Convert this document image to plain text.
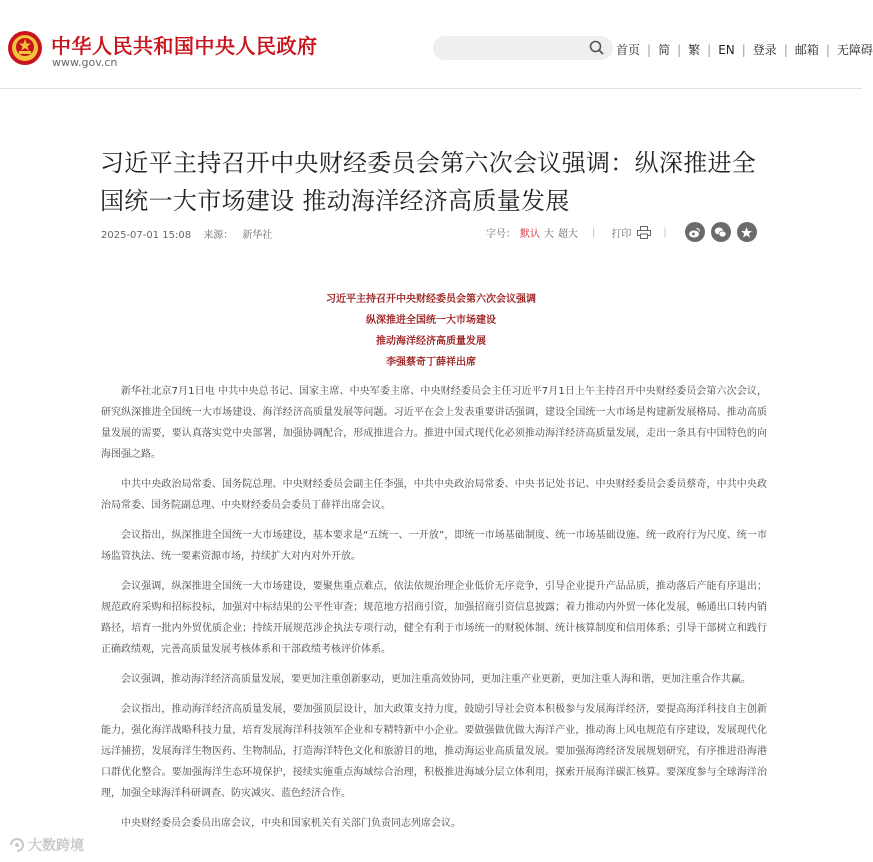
中华人民共和国中央人民政府
www.gov.cn
首页 | 简 | 繁 | EN | 登录 | 邮箱 | 无障碍
习近平主持召开中央财经委员会第六次会议强调：纵深推进全国统一大市场建设 推动海洋经济高质量发展
2025-07-01 15:08 来源： 新华社	字号： 默认 大 超大 | 打印	|
习近平主持召开中央财经委员会第六次会议强调
纵深推进全国统一大市场建设
推动海洋经济高质量发展
李强蔡奇丁薛祥出席

新华社北京7月1日电 中共中央总书记、国家主席、中央军委主席、中央财经委员会主任习近平7月1日上午主持召开中央财经委员会第六次会议，研究纵深推进全国统一大市场建设、海洋经济高质量发展等问题。习近平在会上发表重要讲话强调，建设全国统一大市场是构建新发展格局、推动高质量发展的需要，要认真落实党中央部署，加强协调配合，形成推进合力。推进中国式现代化必须推动海洋经济高质量发展，走出一条具有中国特色的向海图强之路。

中共中央政治局常委、国务院总理、中央财经委员会副主任李强，中共中央政治局常委、中央书记处书记、中央财经委员会委员蔡奇，中共中央政治局常委、国务院副总理、中央财经委员会委员丁薛祥出席会议。

会议指出，纵深推进全国统一大市场建设，基本要求是“五统一、一开放”，即统一市场基础制度、统一市场基础设施、统一政府行为尺度、统一市场监管执法、统一要素资源市场，持续扩大对内对外开放。

会议强调，纵深推进全国统一大市场建设，要聚焦重点难点，依法依规治理企业低价无序竞争，引导企业提升产品品质，推动落后产能有序退出；规范政府采购和招标投标，加强对中标结果的公平性审查；规范地方招商引资，加强招商引资信息披露；着力推动内外贸一体化发展，畅通出口转内销路径，培育一批内外贸优质企业；持续开展规范涉企执法专项行动，健全有利于市场统一的财税体制、统计核算制度和信用体系；引导干部树立和践行正确政绩观，完善高质量发展考核体系和干部政绩考核评价体系。

会议强调，推动海洋经济高质量发展，要更加注重创新驱动，更加注重高效协同，更加注重产业更新，更加注重人海和谐，更加注重合作共赢。

会议指出，推动海洋经济高质量发展，要加强顶层设计，加大政策支持力度，鼓励引导社会资本积极参与发展海洋经济，要提高海洋科技自主创新能力，强化海洋战略科技力量，培育发展海洋科技领军企业和专精特新中小企业。要做强做优做大海洋产业，推动海上风电规范有序建设，发展现代化远洋捕捞，发展海洋生物医药、生物制品，打造海洋特色文化和旅游目的地，推动海运业高质量发展。要加强海湾经济发展规划研究，有序推进沿海港口群优化整合。要加强海洋生态环境保护，接续实施重点海域综合治理，积极推进海域分层立体利用，探索开展海洋碳汇核算。要深度参与全球海洋治理，加强全球海洋科研调查、防灾减灾、蓝色经济合作。

中央财经委员会委员出席会议，中央和国家机关有关部门负责同志列席会议。

大数跨境
